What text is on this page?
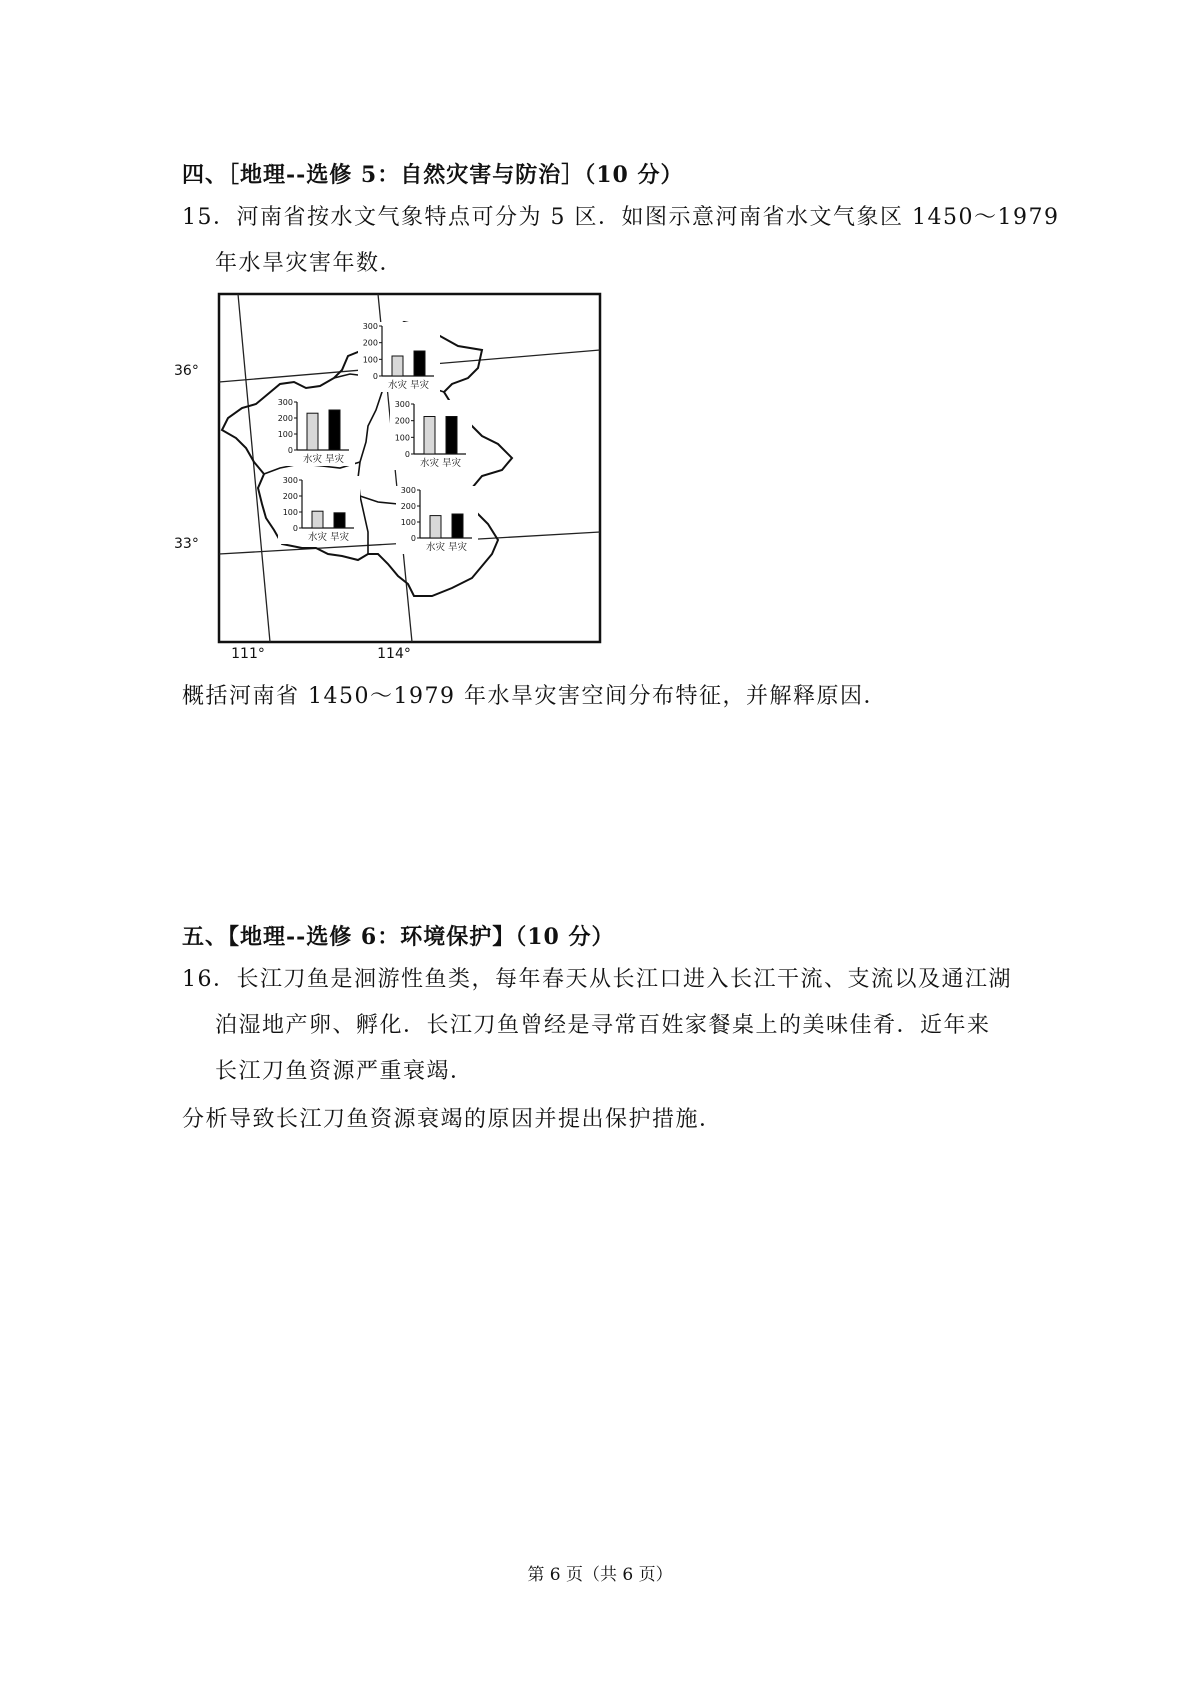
四、［地理--选修 5：自然灾害与防治］（10 分）
15．河南省按水文气象特点可分为 5 区．如图示意河南省水文气象区 1450～1979
年水旱灾害年数．
36°
33°
111°	114°
0
100
200
300
水灾 旱灾
0
100
200
300
水灾 旱灾	0
100
200
300
水灾 旱灾
0
100
200
300
水灾 旱灾	0
100
200
300
水灾 旱灾
概括河南省 1450～1979 年水旱灾害空间分布特征，并解释原因．
五、【地理--选修 6：环境保护】（10 分）
16．长江刀鱼是洄游性鱼类，每年春天从长江口进入长江干流、支流以及通江湖
泊湿地产卵、孵化．长江刀鱼曾经是寻常百姓家餐桌上的美味佳肴．近年来
长江刀鱼资源严重衰竭．
分析导致长江刀鱼资源衰竭的原因并提出保护措施．
第 6 页（共 6 页）
